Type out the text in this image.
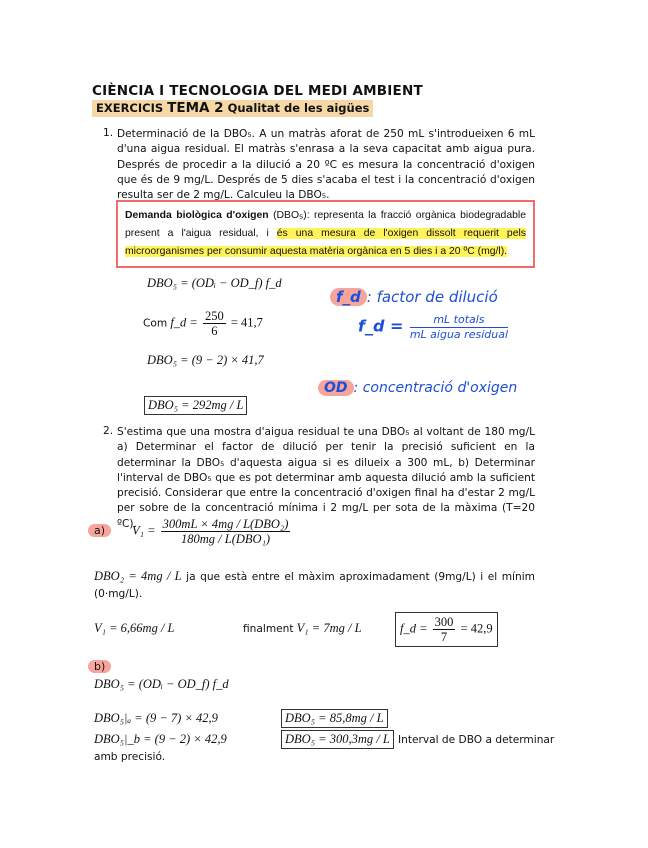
CIÈNCIA I TECNOLOGIA DEL MEDI AMBIENT
EXERCICIS TEMA 2 Qualitat de les aigües
1. Determinació de la DBO₅. A un matràs aforat de 250 mL s'introdueixen 6 mL d'una aigua residual. El matràs s'enrasa a la seva capacitat amb aigua pura. Després de procedir a la dilució a 20 ºC es mesura la concentració d'oxigen que és de 9 mg/L. Després de 5 dies s'acaba el test i la concentració d'oxigen resulta ser de 2 mg/L. Calculeu la DBO₅.
Demanda biològica d'oxigen (DBO₅): representa la fracció orgànica biodegradable present a l'aigua residual, i és una mesura de l'oxigen dissolt requerit pels microorganismes per consumir aquesta matèria orgànica en 5 dies i a 20 ºC (mg/l).
DBO₅ = (ODᵢ − OD_f) f_d
Com f_d = $\frac{250}{6} = 41,7$
DBO₅ = (9 − 2) × 41,7
DBO₅ = 292mg / L
f_d : factor de dilució
f_d = $\frac{\text{mL totals}}{\text{mL aigua residual}}$
OD : concentració d'oxigen
2. S'estima que una mostra d'aigua residual te una DBO₅ al voltant de 180 mg/L a) Determinar el factor de dilució per tenir la precisió suficient en la determinar la DBO₅ d'aquesta aigua si es dilueix a 300 mL, b) Determinar l'interval de DBO₅ que es pot determinar amb aquesta dilució amb la suficient precisió. Considerar que entre la concentració d'oxigen final ha d'estar 2 mg/L per sobre de la concentració mínima i 2 mg/L per sota de la màxima (T=20 ºC).
a)	$V_1 = \frac{\text{300mL × 4mg / L(DBO₂)}}{\text{180mg / L(DBO₁)}}$
DBO₂ = 4mg / L ja que està entre el màxim aproximadament (9mg/L) i el mínim (0·mg/L).
V₁ = 6,66mg / L	finalment V₁ = 7mg / L	f_d = $\frac{300}{7} = 42,9$
b)
DBO₅ = (ODᵢ − OD_f) f_d
DBO₅|ₐ = (9 − 7) × 42,9	DBO₅ = 85,8mg / L
DBO₅|_b = (9 − 2) × 42,9	DBO₅ = 300,3mg / L Interval de DBO a determinar
amb precisió.
